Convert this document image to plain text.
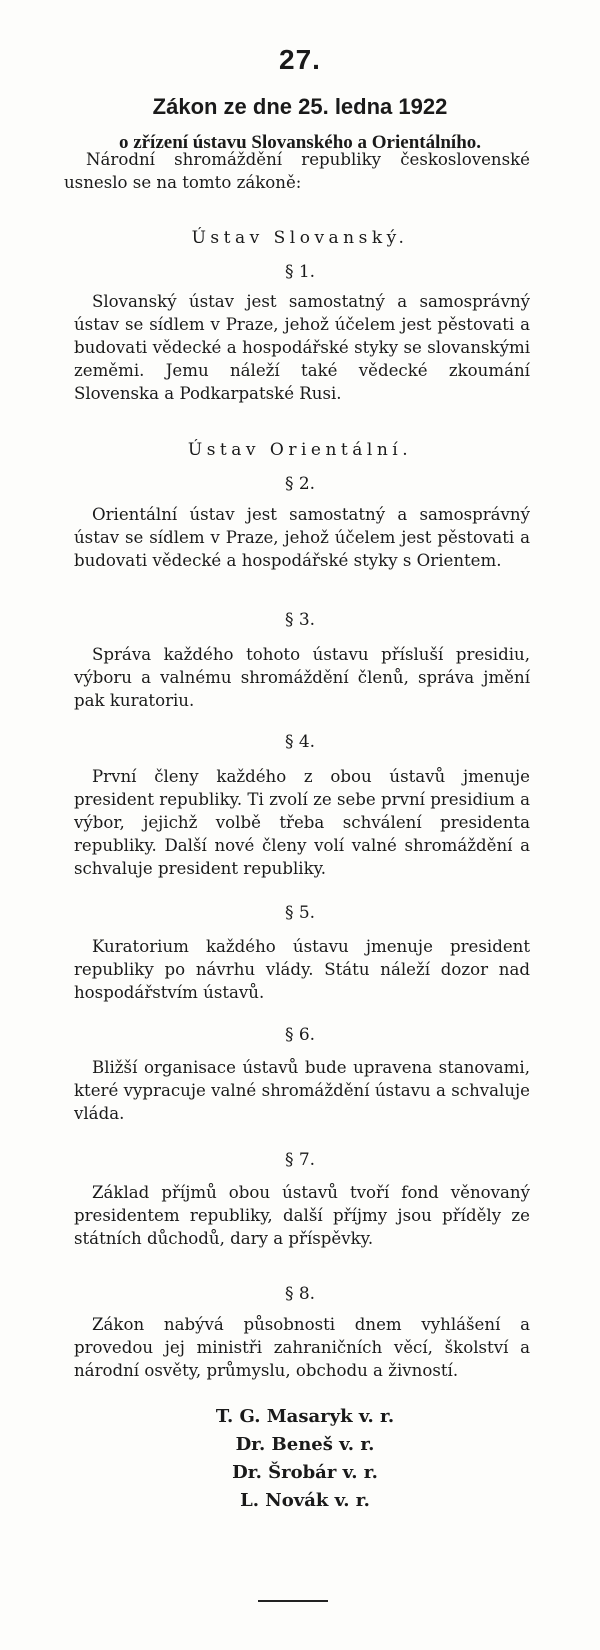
27.
Zákon ze dne 25. ledna 1922
o zřízení ústavu Slovanského a Orientálního.

Národní shromáždění republiky československé usneslo se na tomto zákoně:

Ústav Slovanský.
§ 1.

Slovanský ústav jest samostatný a samosprávný ústav se sídlem v Praze, jehož účelem jest pěstovati a budovati vědecké a hospodářské styky se slovanskými zeměmi. Jemu náleží také vědecké zkoumání Slovenska a Podkarpatské Rusi.

Ústav Orientální.
§ 2.

Orientální ústav jest samostatný a samosprávný ústav se sídlem v Praze, jehož účelem jest pěstovati a budovati vědecké a hospodářské styky s Orientem.

§ 3.

Správa každého tohoto ústavu přísluší presidiu, výboru a valnému shromáždění členů, správa jmění pak kuratoriu.

§ 4.

První členy každého z obou ústavů jmenuje president republiky. Ti zvolí ze sebe první presidium a výbor, jejichž volbě třeba schválení presidenta republiky. Další nové členy volí valné shromáždění a schvaluje president republiky.

§ 5.

Kuratorium každého ústavu jmenuje president republiky po návrhu vlády. Státu náleží dozor nad hospodářstvím ústavů.

§ 6.

Bližší organisace ústavů bude upravena stanovami, které vypracuje valné shromáždění ústavu a schvaluje vláda.

§ 7.

Základ příjmů obou ústavů tvoří fond věnovaný presidentem republiky, další příjmy jsou příděly ze státních důchodů, dary a příspěvky.

§ 8.

Zákon nabývá působnosti dnem vyhlášení a provedou jej ministři zahraničních věcí, školství a národní osvěty, průmyslu, obchodu a živností.

T. G. Masaryk v. r.
Dr. Beneš v. r.
Dr. Šrobár v. r.
L. Novák v. r.
